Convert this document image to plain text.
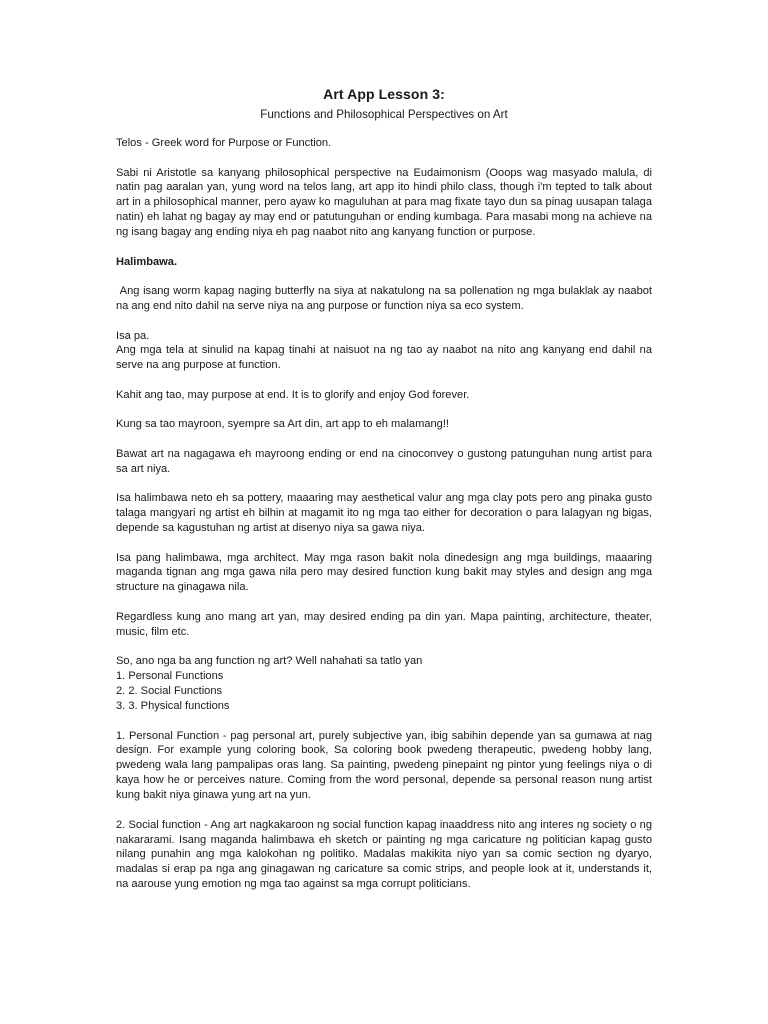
Art App Lesson 3:
Functions and Philosophical Perspectives on Art

Telos - Greek word for Purpose or Function.

Sabi ni Aristotle sa kanyang philosophical perspective na Eudaimonism (Ooops wag masyado malula, di natin pag aaralan yan, yung word na telos lang, art app ito hindi philo class, though i'm tepted to talk about art in a philosophical manner, pero ayaw ko maguluhan at para mag fixate tayo dun sa pinag uusapan talaga natin) eh lahat ng bagay ay may end or patutunguhan or ending kumbaga. Para masabi mong na achieve na ng isang bagay ang ending niya eh pag naabot nito ang kanyang function or purpose.

Halimbawa.

Ang isang worm kapag naging butterfly na siya at nakatulong na sa pollenation ng mga bulaklak ay naabot na ang end nito dahil na serve niya na ang purpose or function niya sa eco system.

Isa pa.

Ang mga tela at sinulid na kapag tinahi at naisuot na ng tao ay naabot na nito ang kanyang end dahil na serve na ang purpose at function.

Kahit ang tao, may purpose at end. It is to glorify and enjoy God forever.

Kung sa tao mayroon, syempre sa Art din, art app to eh malamang!!

Bawat art na nagagawa eh mayroong ending or end na cinoconvey o gustong patunguhan nung artist para sa art niya.

Isa halimbawa neto eh sa pottery, maaaring may aesthetical valur ang mga clay pots pero ang pinaka gusto talaga mangyari ng artist eh bilhin at magamit ito ng mga tao either for decoration o para lalagyan ng bigas, depende sa kagustuhan ng artist at disenyo niya sa gawa niya.

Isa pang halimbawa, mga architect. May mga rason bakit nola dinedesign ang mga buildings, maaaring maganda tignan ang mga gawa nila pero may desired function kung bakit may styles and design ang mga structure na ginagawa nila.

Regardless kung ano mang art yan, may desired ending pa din yan. Mapa painting, architecture, theater, music, film etc.

So, ano nga ba ang function ng art? Well nahahati sa tatlo yan

1. Personal Functions
2. 2. Social Functions
3. 3. Physical functions

1. Personal Function - pag personal art, purely subjective yan, ibig sabihin depende yan sa gumawa at nag design. For example yung coloring book, Sa coloring book pwedeng therapeutic, pwedeng hobby lang, pwedeng wala lang pampalipas oras lang. Sa painting, pwedeng pinepaint ng pintor yung feelings niya o di kaya how he or perceives nature. Coming from the word personal, depende sa personal reason nung artist kung bakit niya ginawa yung art na yun.

2. Social function - Ang art nagkakaroon ng social function kapag inaaddress nito ang interes ng society o ng nakararami. Isang maganda halimbawa eh sketch or painting ng mga caricature ng politician kapag gusto nilang punahin ang mga kalokohan ng politiko. Madalas makikita niyo yan sa comic section ng dyaryo, madalas si erap pa nga ang ginagawan ng caricature sa comic strips, and people look at it, understands it, na aarouse yung emotion ng mga tao against sa mga corrupt politicians.
